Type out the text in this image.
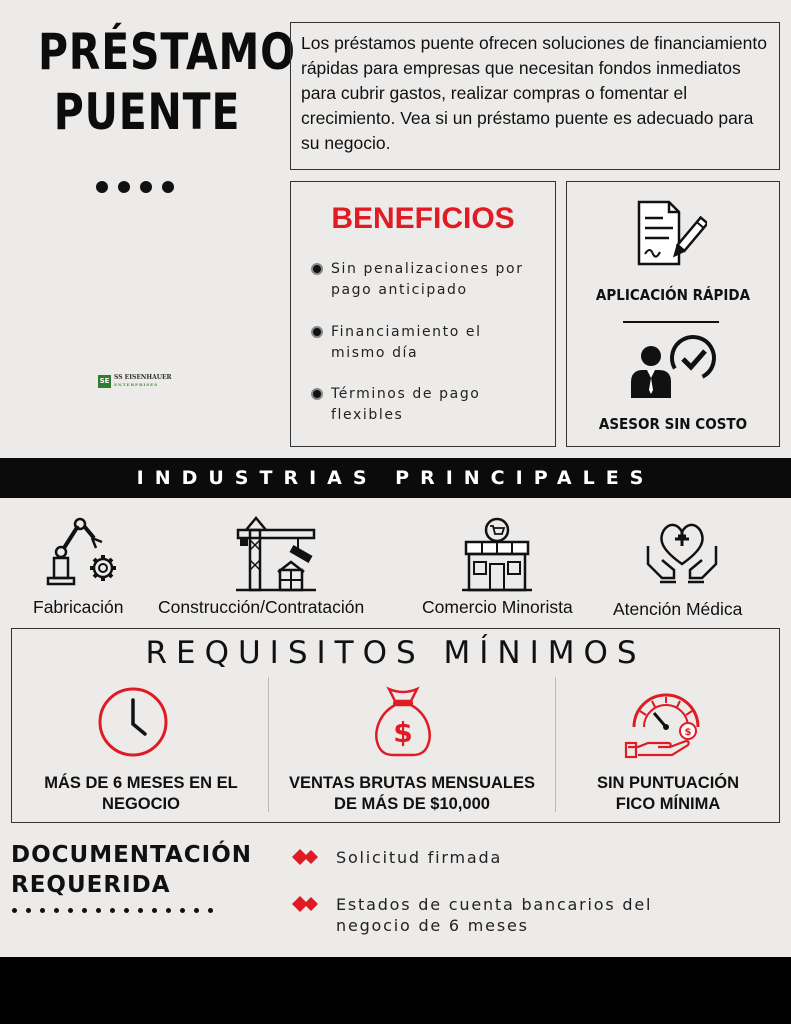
PRÉSTAMO
PUENTE
SE SS EISENHAUER
ENTERPRISES

Los préstamos puente ofrecen soluciones de financiamiento rápidas para empresas que necesitan fondos inmediatos para cubrir gastos, realizar compras o fomentar el crecimiento. Vea si un préstamo puente es adecuado para su negocio.

BENEFICIOS
Sin penalizaciones por pago anticipado
Financiamiento el mismo día
Términos de pago flexibles
APLICACIÓN RÁPIDA
ASESOR SIN COSTO
INDUSTRIAS PRINCIPALES
Fabricación Construcción/Contratación	Comercio Minorista Atención Médica
REQUISITOS MÍNIMOS
$	$
MÁS DE 6 MESES EN EL
NEGOCIO
VENTAS BRUTAS MENSUALES
DE MÁS DE $10,000
SIN PUNTUACIÓN
FICO MÍNIMA
DOCUMENTACIÓN
REQUERIDA
Solicitud firmada
Estados de cuenta bancarios del
negocio de 6 meses
